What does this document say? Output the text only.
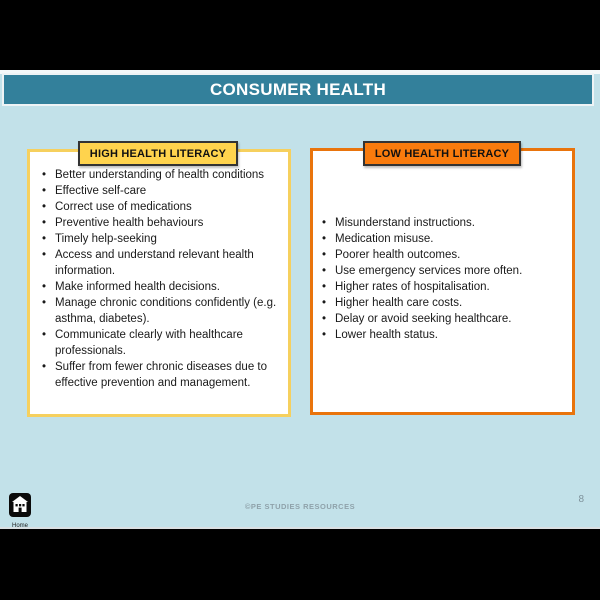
CONSUMER HEALTH
HIGH HEALTH LITERACY	LOW HEALTH LITERACY
• Better understanding of health conditions
• Effective self-care
• Correct use of medications
• Preventive health behaviours
• Timely help-seeking
• Access and understand relevant health information.
• Make informed health decisions.
• Manage chronic conditions confidently (e.g. asthma, diabetes).
• Communicate clearly with healthcare professionals.
• Suffer from fewer chronic diseases due to effective prevention and management.
• Misunderstand instructions.
• Medication misuse.
• Poorer health outcomes.
• Use emergency services more often.
• Higher rates of hospitalisation.
• Higher health care costs.
• Delay or avoid seeking healthcare.
• Lower health status.
©PE STUDIES RESOURCES
8
Home
